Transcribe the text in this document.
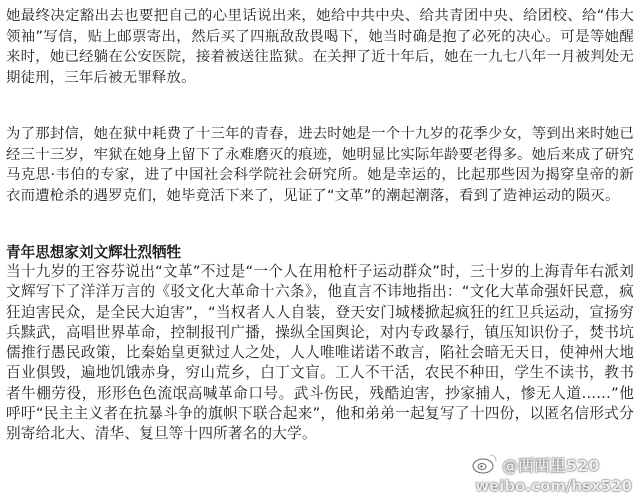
她最终决定豁出去也要把自己的心里话说出来，她给中共中央、给共青团中央、给团校、给“伟大领袖”写信，贴上邮票寄出，然后买了四瓶敌敌畏喝下，她当时确是抱了必死的决心。可是等她醒来时，她已经躺在公安医院，接着被送往监狱。在关押了近十年后，她在一九七八年一月被判处无期徒刑，三年后被无罪释放。

为了那封信，她在狱中耗费了十三年的青春，进去时她是一个十九岁的花季少女，等到出来时她已经三十三岁，牢狱在她身上留下了永难磨灭的痕迹，她明显比实际年龄要老得多。她后来成了研究马克思·韦伯的专家，进了中国社会科学院社会研究所。她是幸运的，比起那些因为揭穿皇帝的新衣而遭枪杀的遇罗克们，她毕竟活下来了，见证了“文革”的潮起潮落，看到了造神运动的陨灭。

青年思想家刘文辉壮烈牺牲

当十九岁的王容芬说出“文革”不过是“一个人在用枪杆子运动群众”时，三十岁的上海青年右派刘文辉写下了洋洋万言的《驳文化大革命十六条》，他直言不讳地指出：“文化大革命强奸民意，疯狂迫害民众，是全民大迫害”，“当权者人人自装，登天安门城楼掀起疯狂的红卫兵运动，宣扬穷兵黩武，高唱世界革命，控制报刊广播，操纵全国舆论，对内专政暴行，镇压知识份子，焚书坑儒推行愚民政策，比秦始皇更狱过人之处，人人唯唯诺诺不敢言，陷社会暗无天日，使神州大地百业俱毁，遍地饥饿赤身，穷山荒乡，白丁文盲。工人不干活，农民不种田，学生不读书，教书者牛棚劳役，形形色色流氓高喊革命口号。武斗伤民，残酷迫害，抄家捕人，惨无人道……”他呼吁“民主主义者在抗暴斗争的旗帜下联合起来”，他和弟弟一起复写了十四份，以匿名信形式分别寄给北大、清华、复旦等十四所著名的大学。

@西西里520
weibo.com/hsx520
